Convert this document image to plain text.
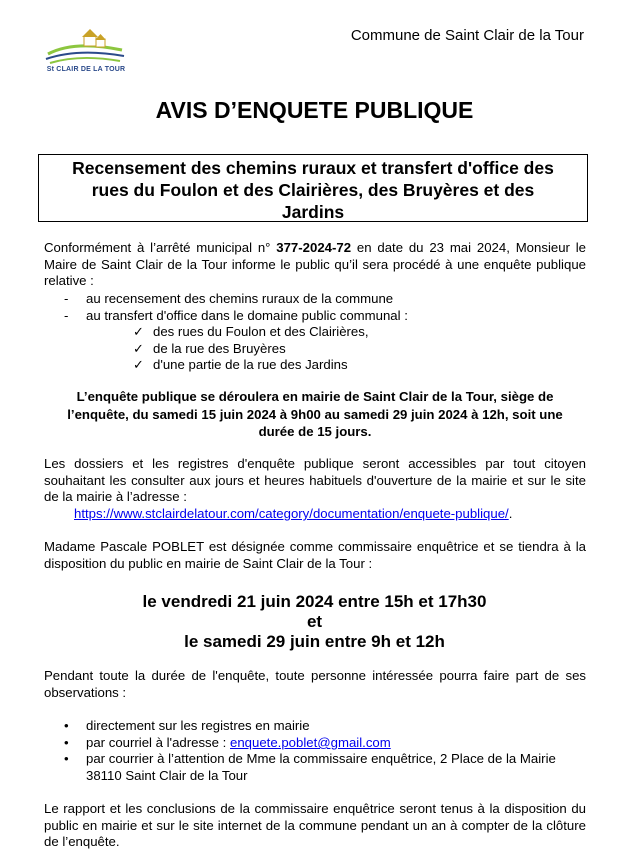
St CLAIR DE LA TOUR
Commune de Saint Clair de la Tour
AVIS D’ENQUETE PUBLIQUE
Recensement des chemins ruraux et transfert d'office des
rues du Foulon et des Clairières, des Bruyères et des
Jardins
Conformément à l’arrêté municipal n° 377-2024-72 en date du 23 mai 2024, Monsieur le Maire de Saint Clair de la Tour informe le public qu’il sera procédé à une enquête publique relative :
- au recensement des chemins ruraux de la commune
- au transfert d'office dans le domaine public communal :
✓ des rues du Foulon et des Clairières,
✓ de la rue des Bruyères
✓ d'une partie de la rue des Jardins
L’enquête publique se déroulera en mairie de Saint Clair de la Tour, siège de
l’enquête, du samedi 15 juin 2024 à 9h00 au samedi 29 juin 2024 à 12h, soit une
durée de 15 jours.
Les dossiers et les registres d'enquête publique seront accessibles par tout citoyen souhaitant les consulter aux jours et heures habituels d'ouverture de la mairie et sur le site de la mairie à l’adresse :
https://www.stclairdelatour.com/category/documentation/enquete-publique/.
Madame Pascale POBLET est désignée comme commissaire enquêtrice et se tiendra à la disposition du public en mairie de Saint Clair de la Tour :
le vendredi 21 juin 2024 entre 15h et 17h30
et
le samedi 29 juin entre 9h et 12h
Pendant toute la durée de l'enquête, toute personne intéressée pourra faire part de ses observations :
• directement sur les registres en mairie
• par courriel à l'adresse : enquete.poblet@gmail.com
• par courrier à l’attention de Mme la commissaire enquêtrice, 2 Place de la Mairie
38110 Saint Clair de la Tour
Le rapport et les conclusions de la commissaire enquêtrice seront tenus à la disposition du public en mairie et sur le site internet de la commune pendant un an à compter de la clôture de l’enquête.
